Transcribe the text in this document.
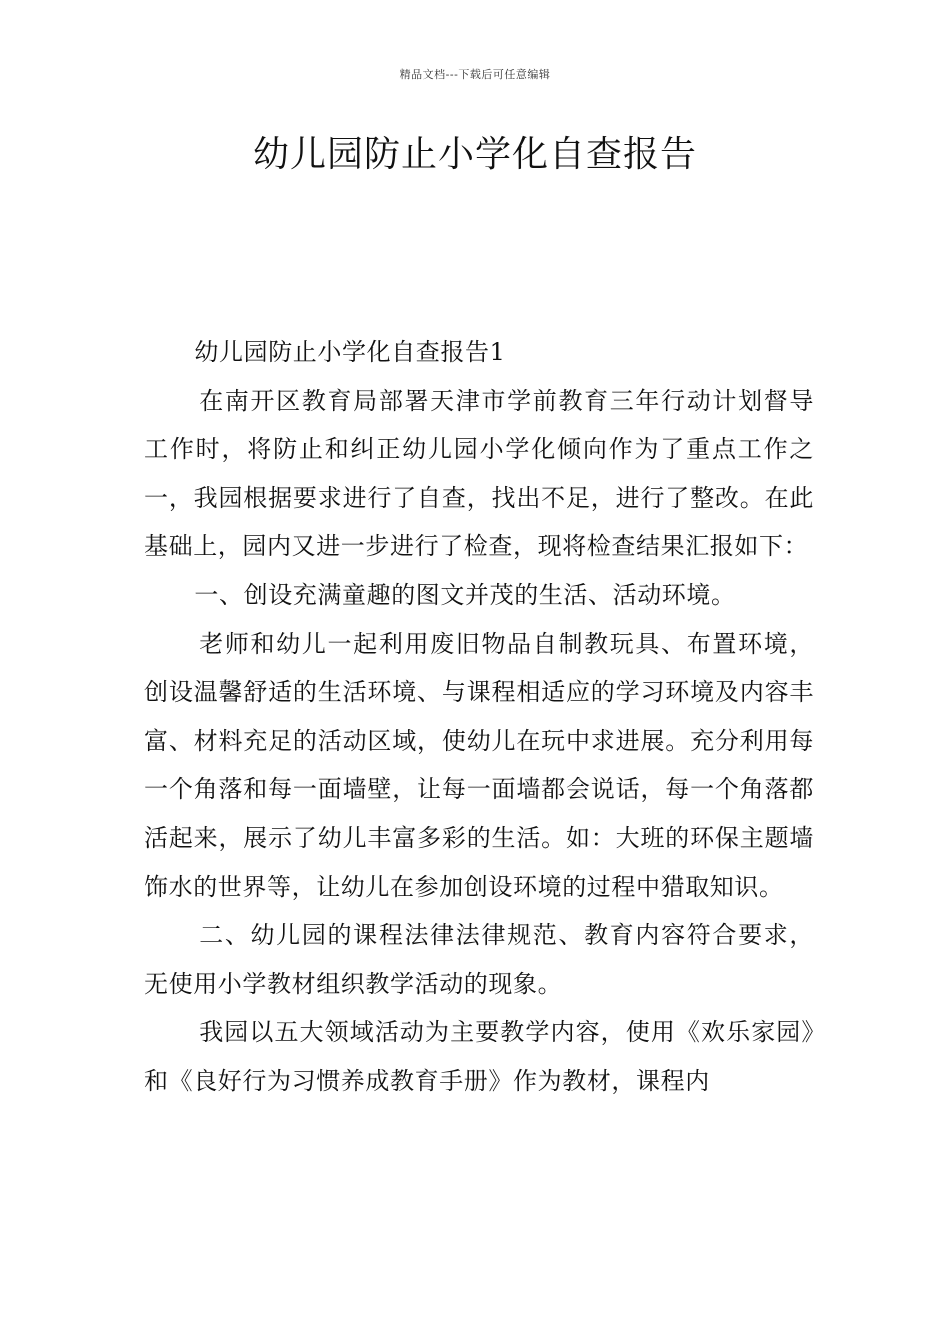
精品文档---下载后可任意编辑
幼儿园防止小学化自查报告

幼儿园防止小学化自查报告1

在南开区教育局部署天津市学前教育三年行动计划督导工作时，将防止和纠正幼儿园小学化倾向作为了重点工作之一，我园根据要求进行了自查，找出不足，进行了整改。在此基础上，园内又进一步进行了检查，现将检查结果汇报如下：

一、创设充满童趣的图文并茂的生活、活动环境。

老师和幼儿一起利用废旧物品自制教玩具、布置环境，创设温馨舒适的生活环境、与课程相适应的学习环境及内容丰富、材料充足的活动区域，使幼儿在玩中求进展。充分利用每一个角落和每一面墙壁，让每一面墙都会说话，每一个角落都活起来，展示了幼儿丰富多彩的生活。如：大班的环保主题墙饰水的世界等，让幼儿在参加创设环境的过程中猎取知识。

二、幼儿园的课程法律法律规范、教育内容符合要求，无使用小学教材组织教学活动的现象。

我园以五大领域活动为主要教学内容，使用《欢乐家园》和《良好行为习惯养成教育手册》作为教材，课程内
